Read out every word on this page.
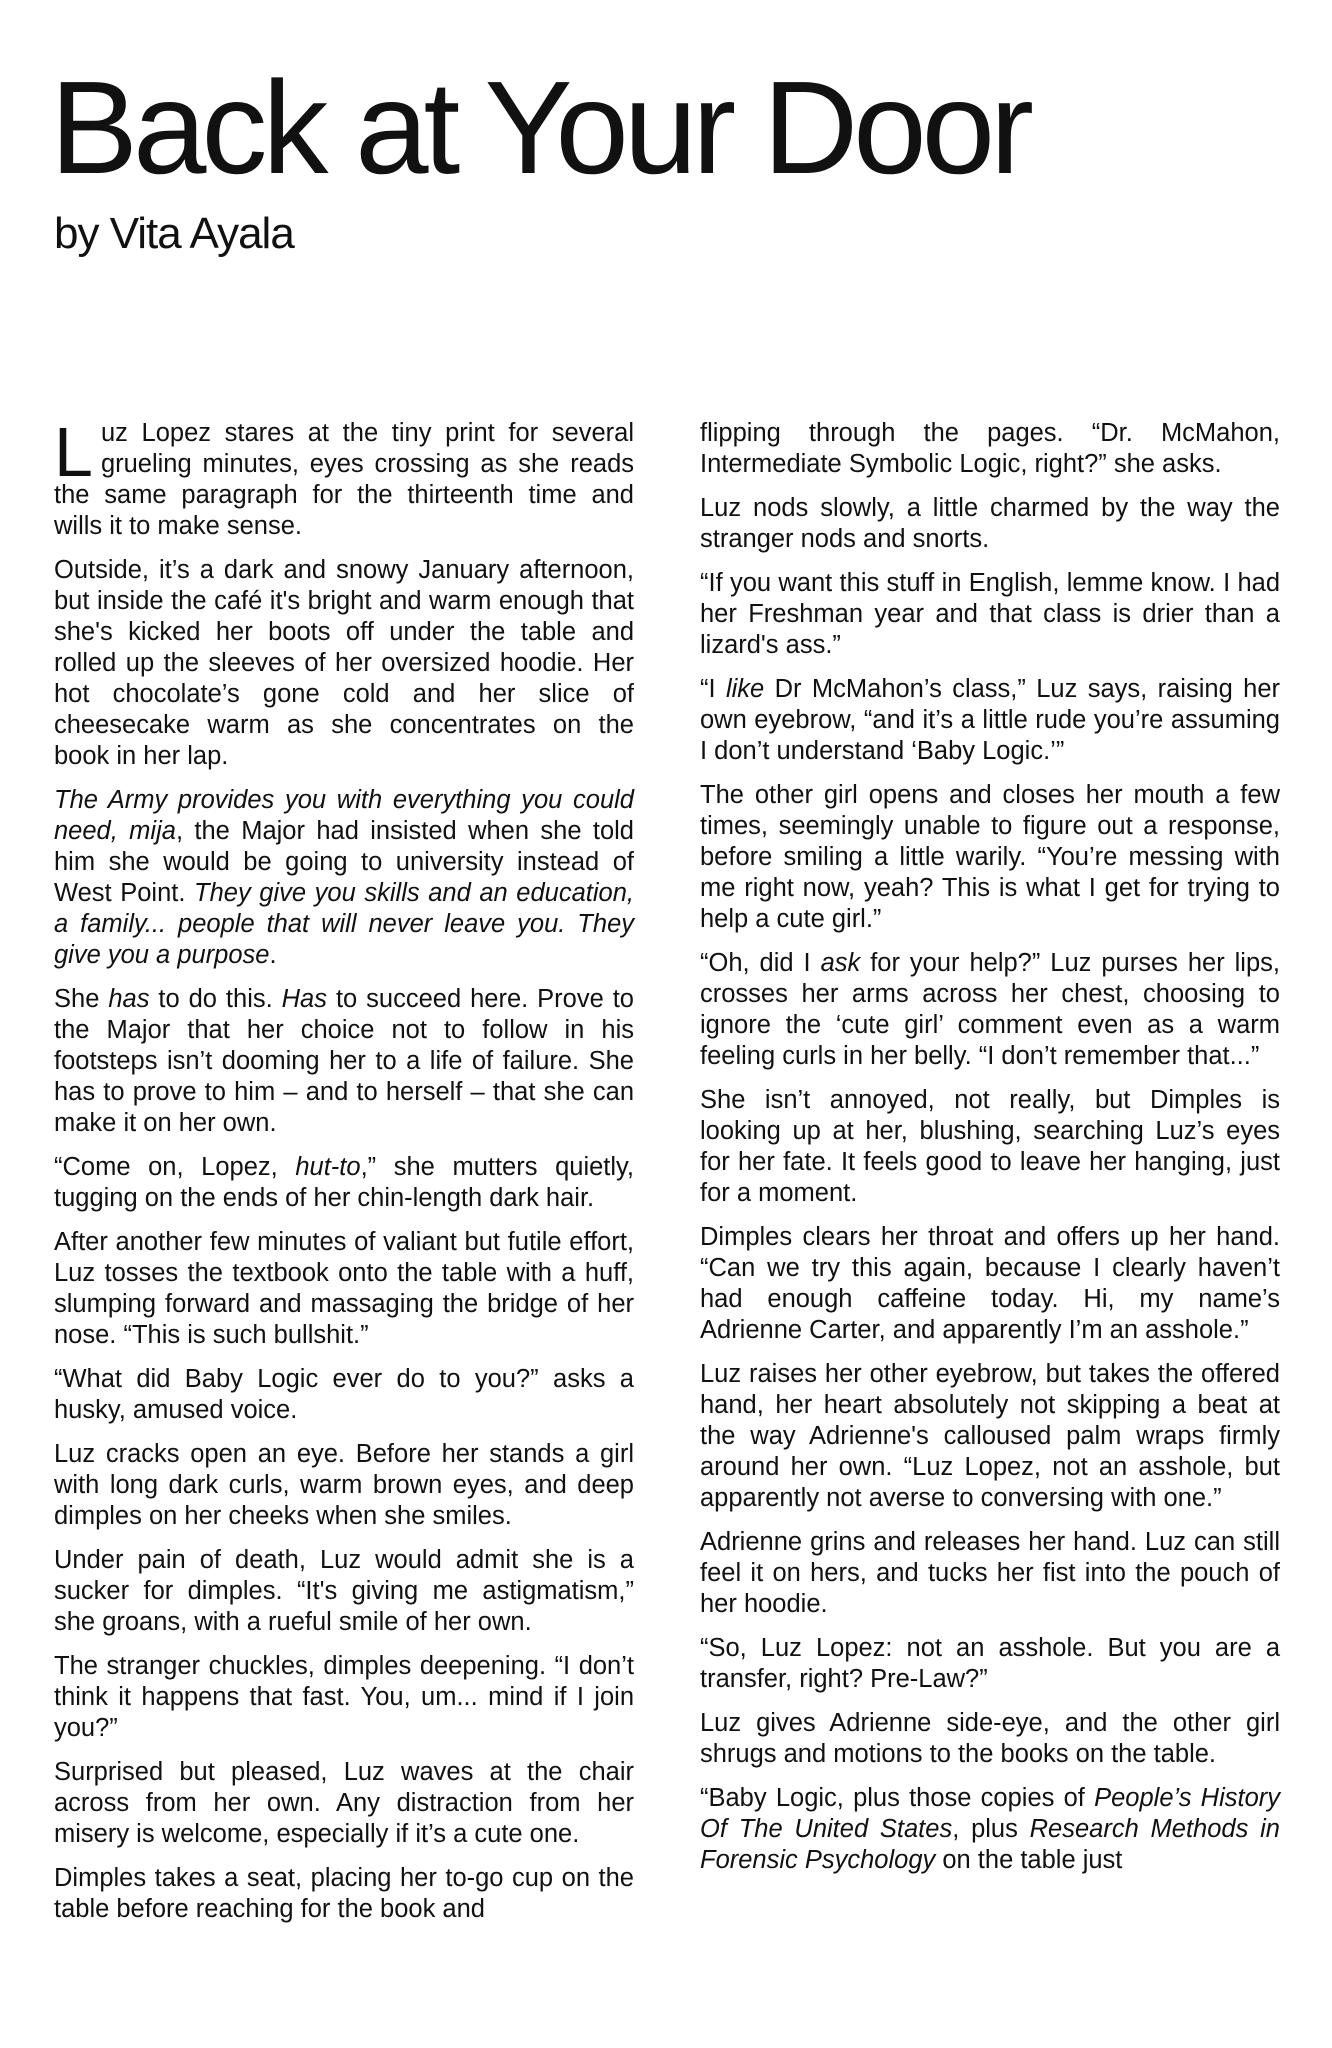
Back at Your Door
by Vita Ayala

Luz Lopez stares at the tiny print for several grueling minutes, eyes crossing as she reads the same paragraph for the thirteenth time and wills it to make sense.

Outside, it’s a dark and snowy January afternoon, but inside the café it's bright and warm enough that she's kicked her boots off under the table and rolled up the sleeves of her oversized hoodie. Her hot chocolate’s gone cold and her slice of cheesecake warm as she concentrates on the book in her lap.

The Army provides you with everything you could need, mija, the Major had insisted when she told him she would be going to university instead of West Point. They give you skills and an education, a family... people that will never leave you. They give you a purpose.

She has to do this. Has to succeed here. Prove to the Major that her choice not to follow in his footsteps isn’t dooming her to a life of failure. She has to prove to him – and to herself – that she can make it on her own.

“Come on, Lopez, hut-to,” she mutters quietly, tugging on the ends of her chin-length dark hair.

After another few minutes of valiant but futile effort, Luz tosses the textbook onto the table with a huff, slumping forward and massaging the bridge of her nose. “This is such bullshit.”

“What did Baby Logic ever do to you?” asks a husky, amused voice.

Luz cracks open an eye. Before her stands a girl with long dark curls, warm brown eyes, and deep dimples on her cheeks when she smiles.

Under pain of death, Luz would admit she is a sucker for dimples. “It's giving me astigmatism,” she groans, with a rueful smile of her own.

The stranger chuckles, dimples deepening. “I don’t think it happens that fast. You, um... mind if I join you?”

Surprised but pleased, Luz waves at the chair across from her own. Any distraction from her misery is welcome, especially if it’s a cute one.

Dimples takes a seat, placing her to-go cup on the table before reaching for the book and

flipping through the pages. “Dr. McMahon, Intermediate Symbolic Logic, right?” she asks.

Luz nods slowly, a little charmed by the way the stranger nods and snorts.

“If you want this stuff in English, lemme know. I had her Freshman year and that class is drier than a lizard's ass.”

“I like Dr McMahon’s class,” Luz says, raising her own eyebrow, “and it’s a little rude you’re assuming I don’t understand ‘Baby Logic.’”

The other girl opens and closes her mouth a few times, seemingly unable to figure out a response, before smiling a little warily. “You’re messing with me right now, yeah? This is what I get for trying to help a cute girl.”

“Oh, did I ask for your help?” Luz purses her lips, crosses her arms across her chest, choosing to ignore the ‘cute girl’ comment even as a warm feeling curls in her belly. “I don’t remember that...”

She isn’t annoyed, not really, but Dimples is looking up at her, blushing, searching Luz’s eyes for her fate. It feels good to leave her hanging, just for a moment.

Dimples clears her throat and offers up her hand. “Can we try this again, because I clearly haven’t had enough caffeine today. Hi, my name’s Adrienne Carter, and apparently I’m an asshole.”

Luz raises her other eyebrow, but takes the offered hand, her heart absolutely not skipping a beat at the way Adrienne's calloused palm wraps firmly around her own. “Luz Lopez, not an asshole, but apparently not averse to conversing with one.”

Adrienne grins and releases her hand. Luz can still feel it on hers, and tucks her fist into the pouch of her hoodie.

“So, Luz Lopez: not an asshole. But you are a transfer, right? Pre-Law?”

Luz gives Adrienne side-eye, and the other girl shrugs and motions to the books on the table.

“Baby Logic, plus those copies of People’s History Of The United States, plus Research Methods in Forensic Psychology on the table just
